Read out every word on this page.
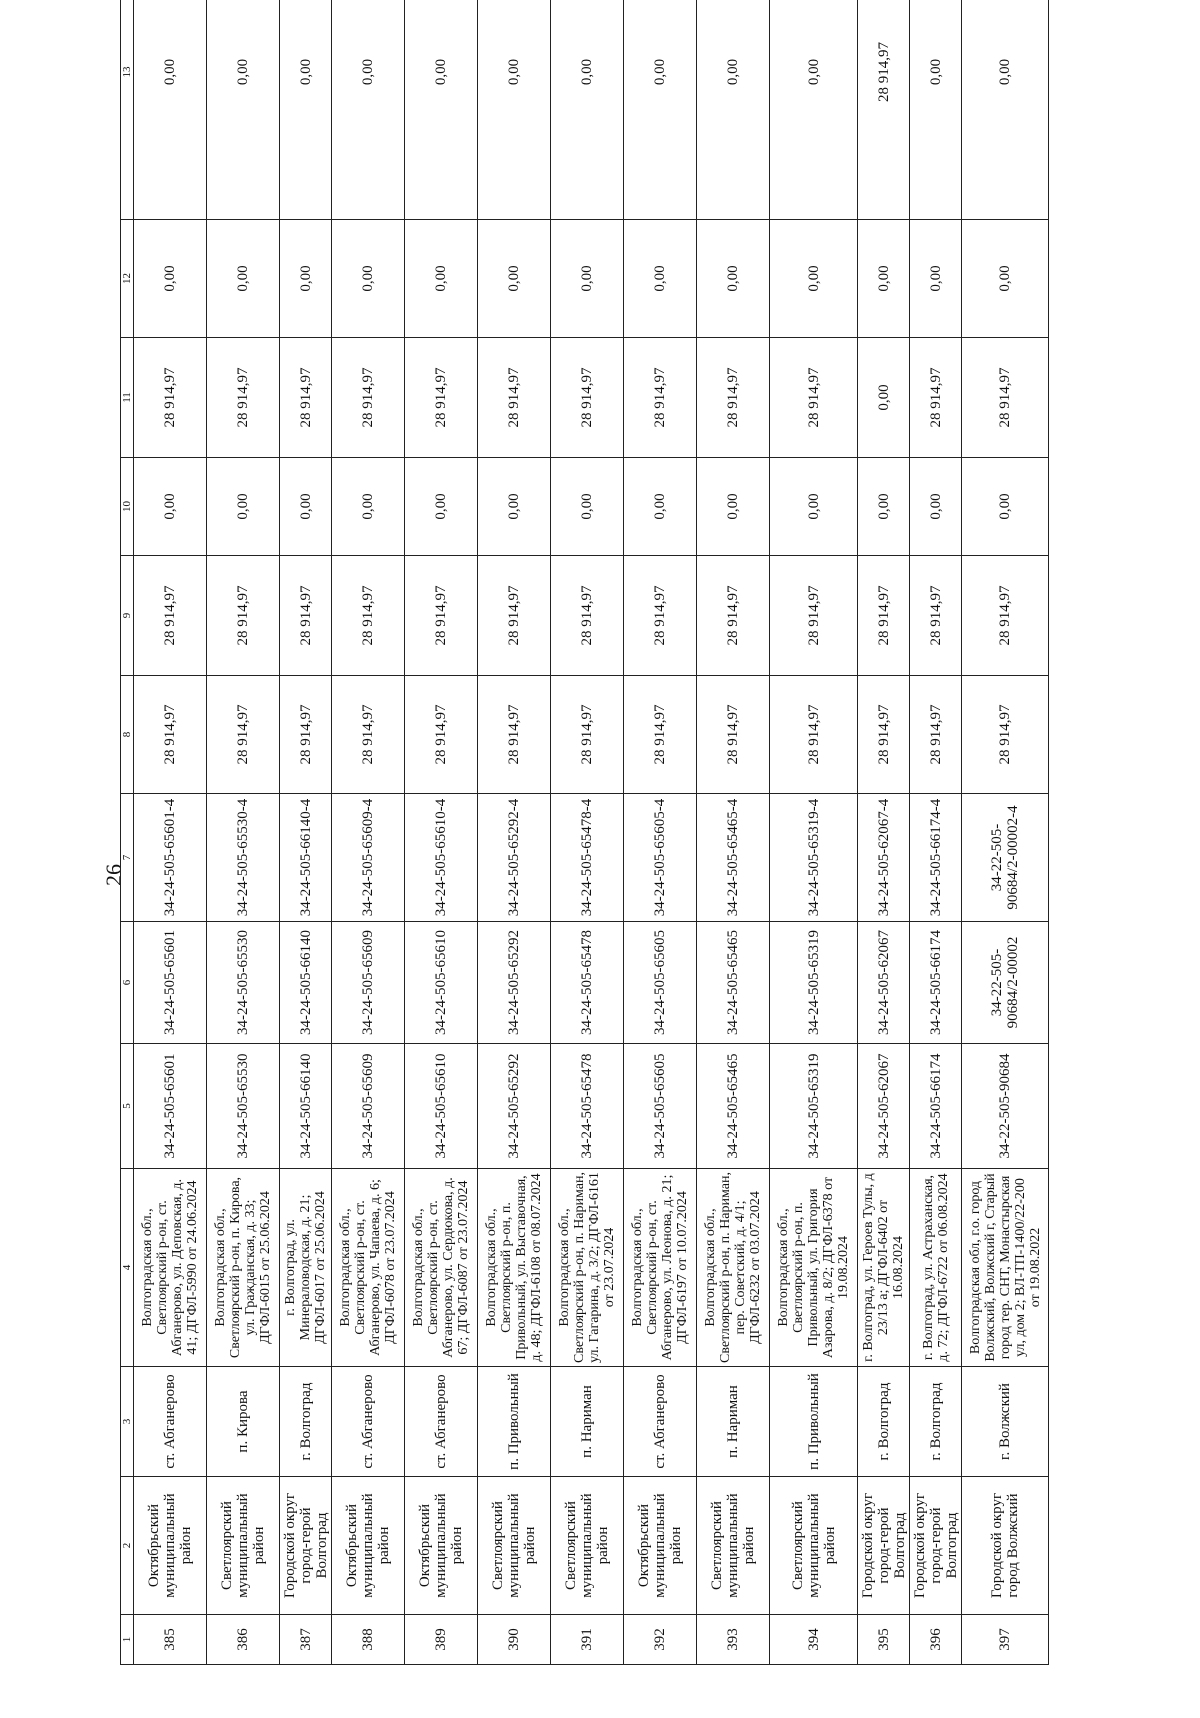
26
1	2	3	4	5	6	7	8	9	10	11	12	13
385	Октябрьский муниципальный район	ст. Абганерово	Волгоградская обл., Светлоярский р-он, ст. Абганерово, ул. Деповская, д. 41; ДГФЛ-5990 от 24.06.2024	34-24-505-65601	34-24-505-65601	34-24-505-65601-4	28 914,97	28 914,97	0,00	28 914,97	0,00	0,00
386	Светлоярский муниципальный район	п. Кирова	Волгоградская обл., Светлоярский р-он, п. Кирова, ул. Гражданская, д. 33; ДГФЛ-6015 от 25.06.2024	34-24-505-65530	34-24-505-65530	34-24-505-65530-4	28 914,97	28 914,97	0,00	28 914,97	0,00	0,00
387	Городской округ город-герой Волгоград	г. Волгоград	г. Волгоград, ул. Минераловодская, д. 21; ДГФЛ-6017 от 25.06.2024	34-24-505-66140	34-24-505-66140	34-24-505-66140-4	28 914,97	28 914,97	0,00	28 914,97	0,00	0,00
388	Октябрьский муниципальный район	ст. Абганерово	Волгоградская обл., Светлоярский р-он, ст. Абганерово, ул. Чапаева, д. 6; ДГФЛ-6078 от 23.07.2024	34-24-505-65609	34-24-505-65609	34-24-505-65609-4	28 914,97	28 914,97	0,00	28 914,97	0,00	0,00
389	Октябрьский муниципальный район	ст. Абганерово	Волгоградская обл., Светлоярский р-он, ст. Абганерово, ул. Сердюкова, д. 67; ДГФЛ-6087 от 23.07.2024	34-24-505-65610	34-24-505-65610	34-24-505-65610-4	28 914,97	28 914,97	0,00	28 914,97	0,00	0,00
390	Светлоярский муниципальный район	п. Привольный	Волгоградская обл., Светлоярский р-он, п. Привольный, ул. Выставочная, д. 48; ДГФЛ-6108 от 08.07.2024	34-24-505-65292	34-24-505-65292	34-24-505-65292-4	28 914,97	28 914,97	0,00	28 914,97	0,00	0,00
391	Светлоярский муниципальный район	п. Нариман	Волгоградская обл., Светлоярский р-он, п. Нариман, ул. Гагарина, д. 3/2; ДГФЛ-6161 от 23.07.2024	34-24-505-65478	34-24-505-65478	34-24-505-65478-4	28 914,97	28 914,97	0,00	28 914,97	0,00	0,00
392	Октябрьский муниципальный район	ст. Абганерово	Волгоградская обл., Светлоярский р-он, ст. Абганерово, ул. Леонова, д. 21; ДГФЛ-6197 от 10.07.2024	34-24-505-65605	34-24-505-65605	34-24-505-65605-4	28 914,97	28 914,97	0,00	28 914,97	0,00	0,00
393	Светлоярский муниципальный район	п. Нариман	Волгоградская обл., Светлоярский р-он, п. Нариман, пер. Советский, д. 4/1; ДГФЛ-6232 от 03.07.2024	34-24-505-65465	34-24-505-65465	34-24-505-65465-4	28 914,97	28 914,97	0,00	28 914,97	0,00	0,00
394	Светлоярский муниципальный район	п. Привольный	Волгоградская обл., Светлоярский р-он, п. Привольный, ул. Григория Азарова, д. 8/2; ДГФЛ-6378 от 19.08.2024	34-24-505-65319	34-24-505-65319	34-24-505-65319-4	28 914,97	28 914,97	0,00	28 914,97	0,00	0,00
395	Городской округ город-герой Волгоград	г. Волгоград	г. Волгоград, ул. Героев Тулы, д 23/13 а; ДГФЛ-6402 от 16.08.2024	34-24-505-62067	34-24-505-62067	34-24-505-62067-4	28 914,97	28 914,97	0,00	0,00	0,00	28 914,97
396	Городской округ город-герой Волгоград	г. Волгоград	г. Волгоград, ул. Астраханская, д. 72; ДГФЛ-6722 от 06.08.2024	34-24-505-66174	34-24-505-66174	34-24-505-66174-4	28 914,97	28 914,97	0,00	28 914,97	0,00	0,00
397	Городской округ город Волжский	г. Волжский	Волгоградская обл, г.о. город Волжский, Волжский г, Старый город тер. СНТ, Монастырская ул, дом 2; ВЛ-ТП-1400/22-200 от 19.08.2022	34-22-505-90684	34-22-505-90684/2-00002	34-22-505-90684/2-00002-4	28 914,97	28 914,97	0,00	28 914,97	0,00	0,00
